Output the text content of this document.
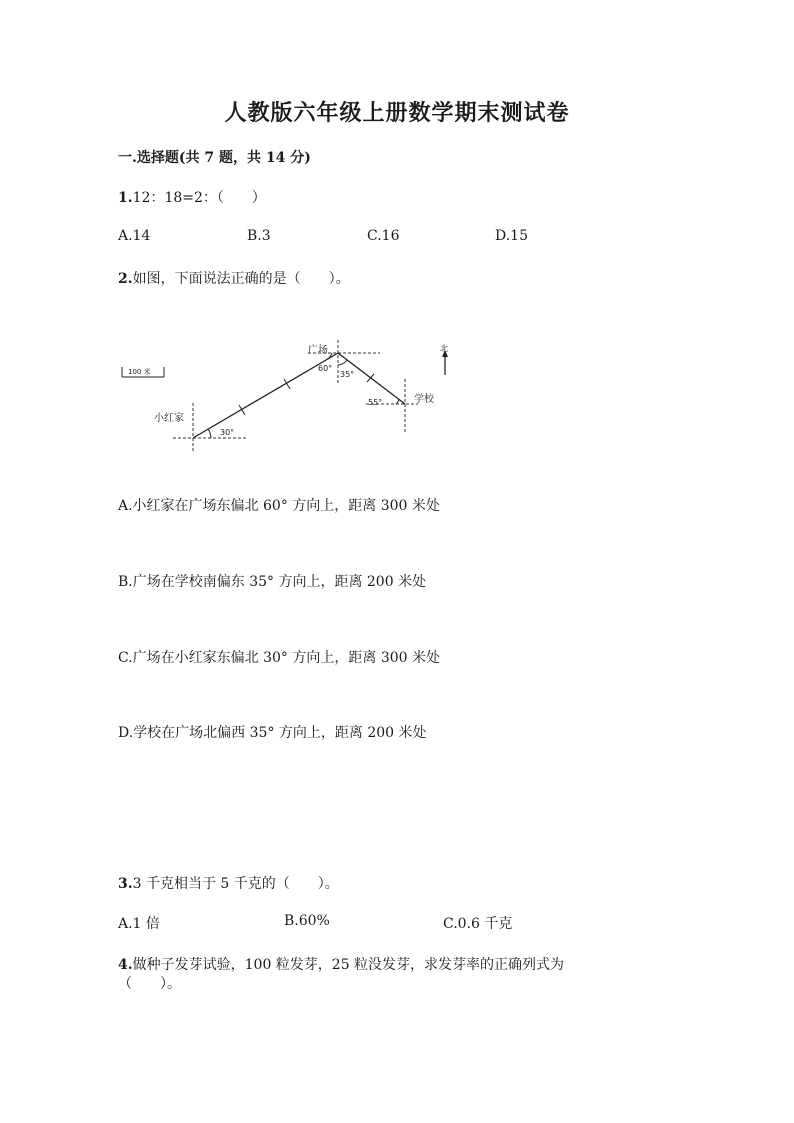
人教版六年级上册数学期末测试卷
一.选择题(共 7 题，共 14 分)
1.12：18=2：（　　）
A.14	B.3	C.16	D.15
2.如图，下面说法正确的是（　　）。
100 米
北
小红家
广场
学校
30°
60°
35°
55°
A.小红家在广场东偏北 60° 方向上，距离 300 米处
B.广场在学校南偏东 35° 方向上，距离 200 米处
C.广场在小红家东偏北 30° 方向上，距离 300 米处
D.学校在广场北偏西 35° 方向上，距离 200 米处
3.3 千克相当于 5 千克的（　　）。
A.1 倍	B.60%	C.0.6 千克
4.做种子发芽试验，100 粒发芽，25 粒没发芽，求发芽率的正确列式为
（　　）。
